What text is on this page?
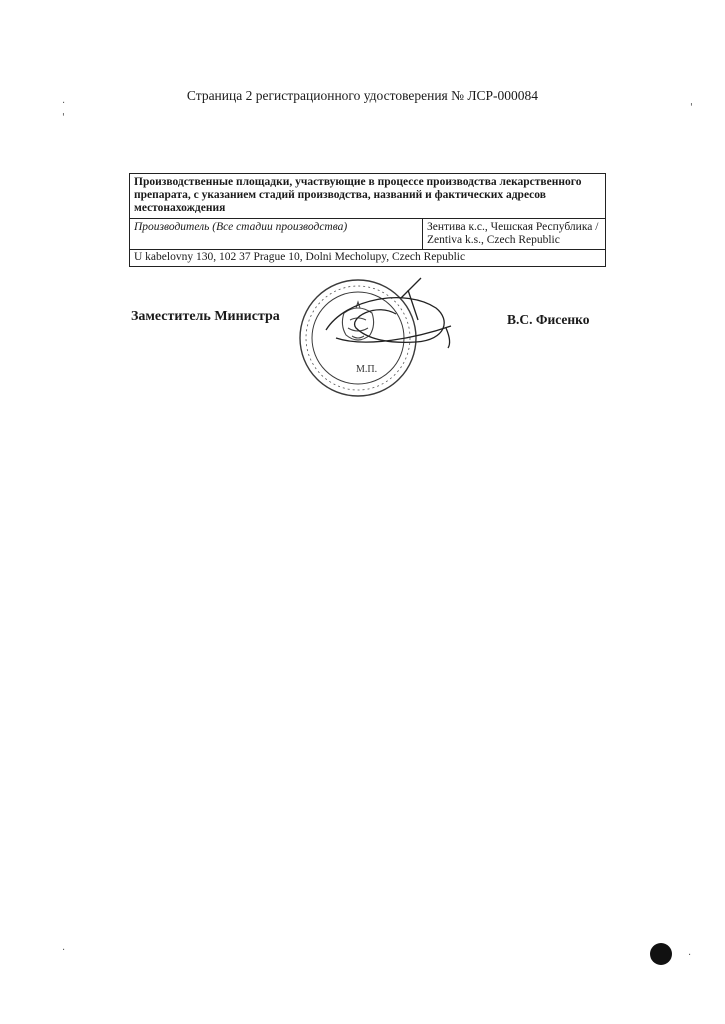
Страница 2 регистрационного удостоверения № ЛСР-000084
Производственные площадки, участвующие в процессе производства лекарственного препарата, с указанием стадий производства, названий и фактических адресов местонахождения
Производитель (Все стадии производства)	Зентива к.с., Чешская Республика /
Zentiva k.s., Czech Republic

U kabelovny 130, 102 37 Prague 10, Dolni Mecholupy, Czech Republic
Заместитель Министра	В.С. Фисенко
М.П.
·
'
'
·	·
